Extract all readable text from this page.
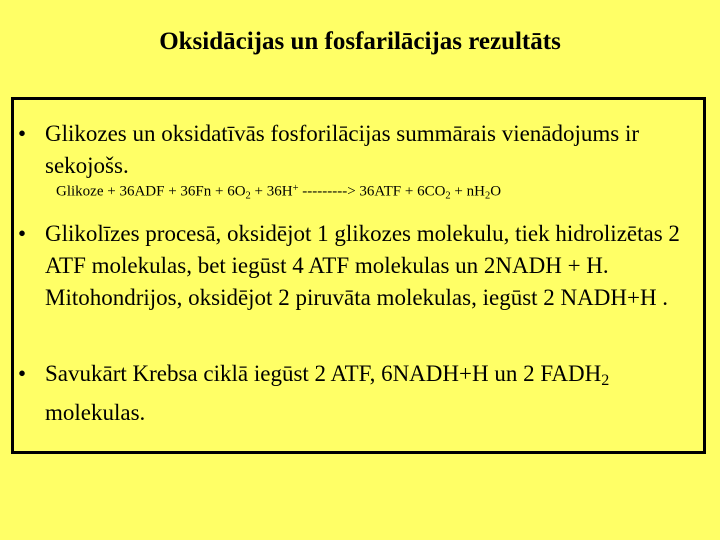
Oksidācijas un fosfarilācijas rezultāts
• Glikozes un oksidatīvās fosforilācijas summārais vienādojums ir sekojošs.
Glikoze + $36ADF + 36Fn + 6O_2 + 36H^+$ ---------> $36ATF + 6CO_2 + nH_2O$
• Glikolīzes procesā, oksidējot 1 glikozes molekulu, tiek hidrolizētas 2 ATF molekulas, bet iegūst 4 ATF molekulas un 2NADH + H. Mitohondrijos, oksidējot 2 piruvāta molekulas, iegūst 2 NADH+H .
• Savukārt Krebsa ciklā iegūst 2 ATF, 6NADH+H un 2 $FADH_2$ molekulas.
